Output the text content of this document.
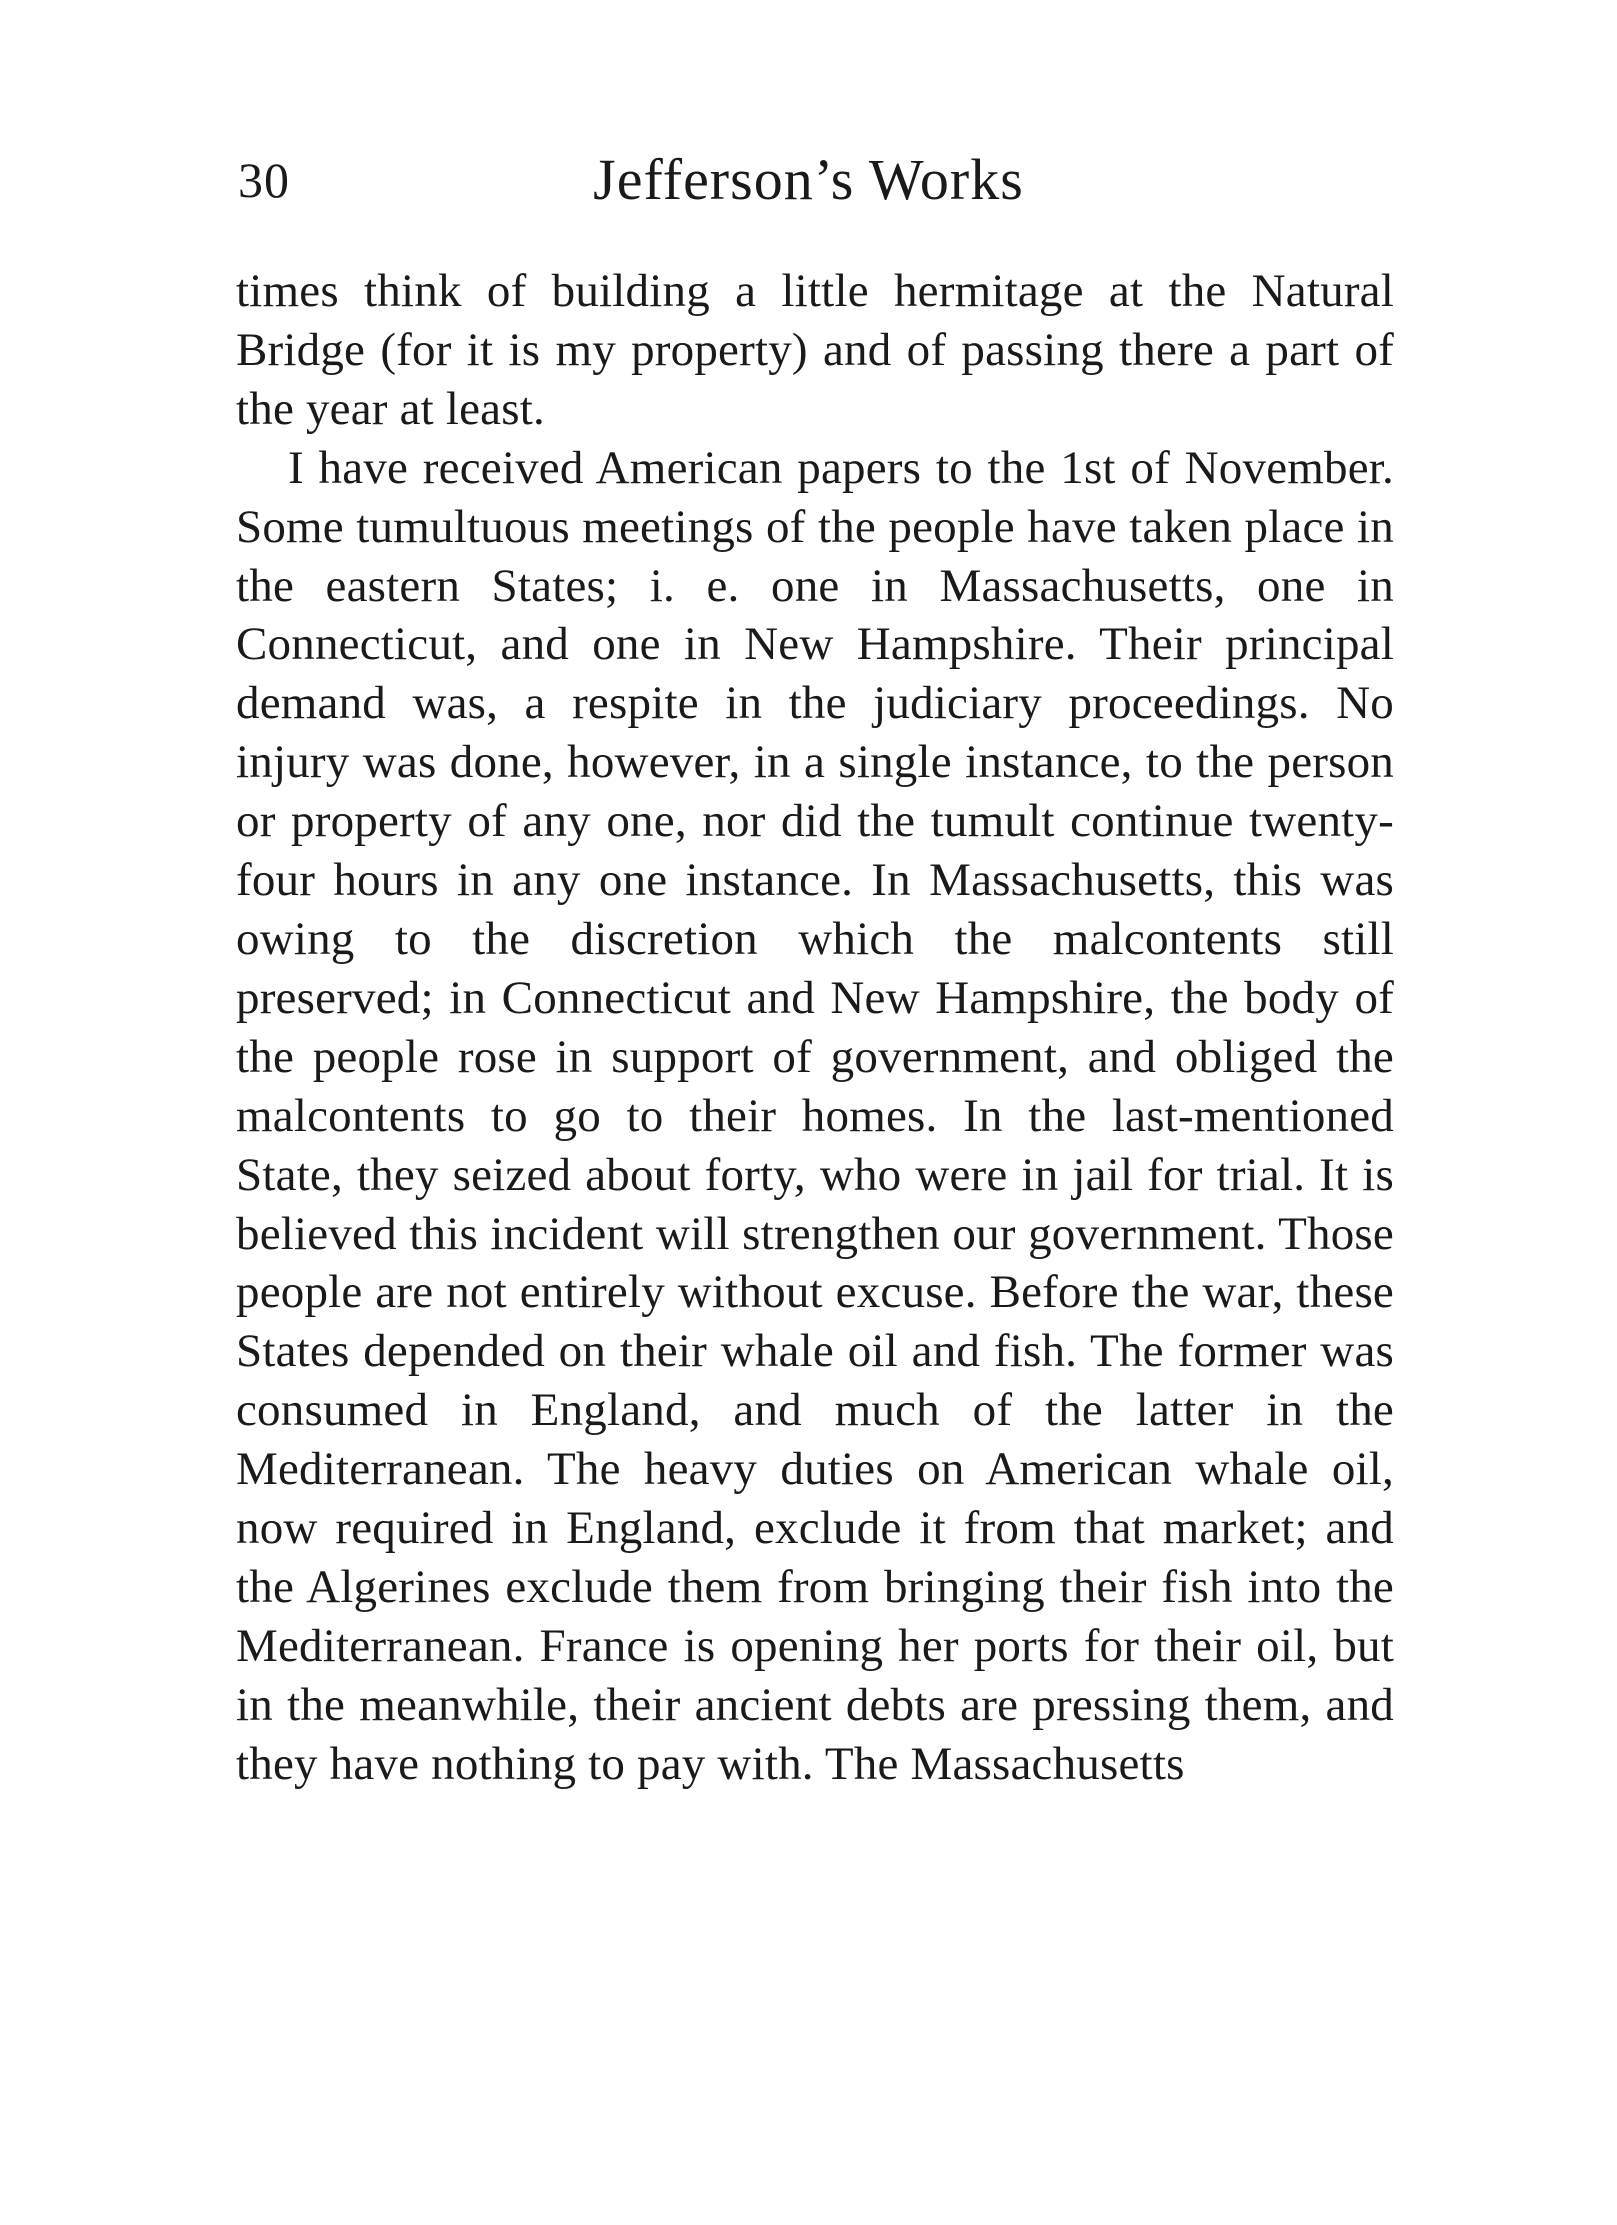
30	Jefferson’s Works

times think of building a little hermitage at the Natural Bridge (for it is my property) and of passing there a part of the year at least.

I have received American papers to the 1st of November. Some tumultuous meetings of the people have taken place in the eastern States; i. e. one in Massachusetts, one in Connecticut, and one in New Hampshire. Their principal demand was, a respite in the judiciary proceedings. No injury was done, however, in a single instance, to the person or property of any one, nor did the tumult continue twenty-four hours in any one instance. In Massachusetts, this was owing to the discretion which the malcontents still preserved; in Connecticut and New Hampshire, the body of the people rose in support of government, and obliged the malcontents to go to their homes. In the last-mentioned State, they seized about forty, who were in jail for trial. It is believed this incident will strengthen our government. Those people are not entirely without excuse. Before the war, these States depended on their whale oil and fish. The former was consumed in England, and much of the latter in the Mediterranean. The heavy duties on American whale oil, now required in England, exclude it from that market; and the Algerines exclude them from bringing their fish into the Mediterranean. France is opening her ports for their oil, but in the meanwhile, their ancient debts are pressing them, and they have nothing to pay with. The Massachusetts
